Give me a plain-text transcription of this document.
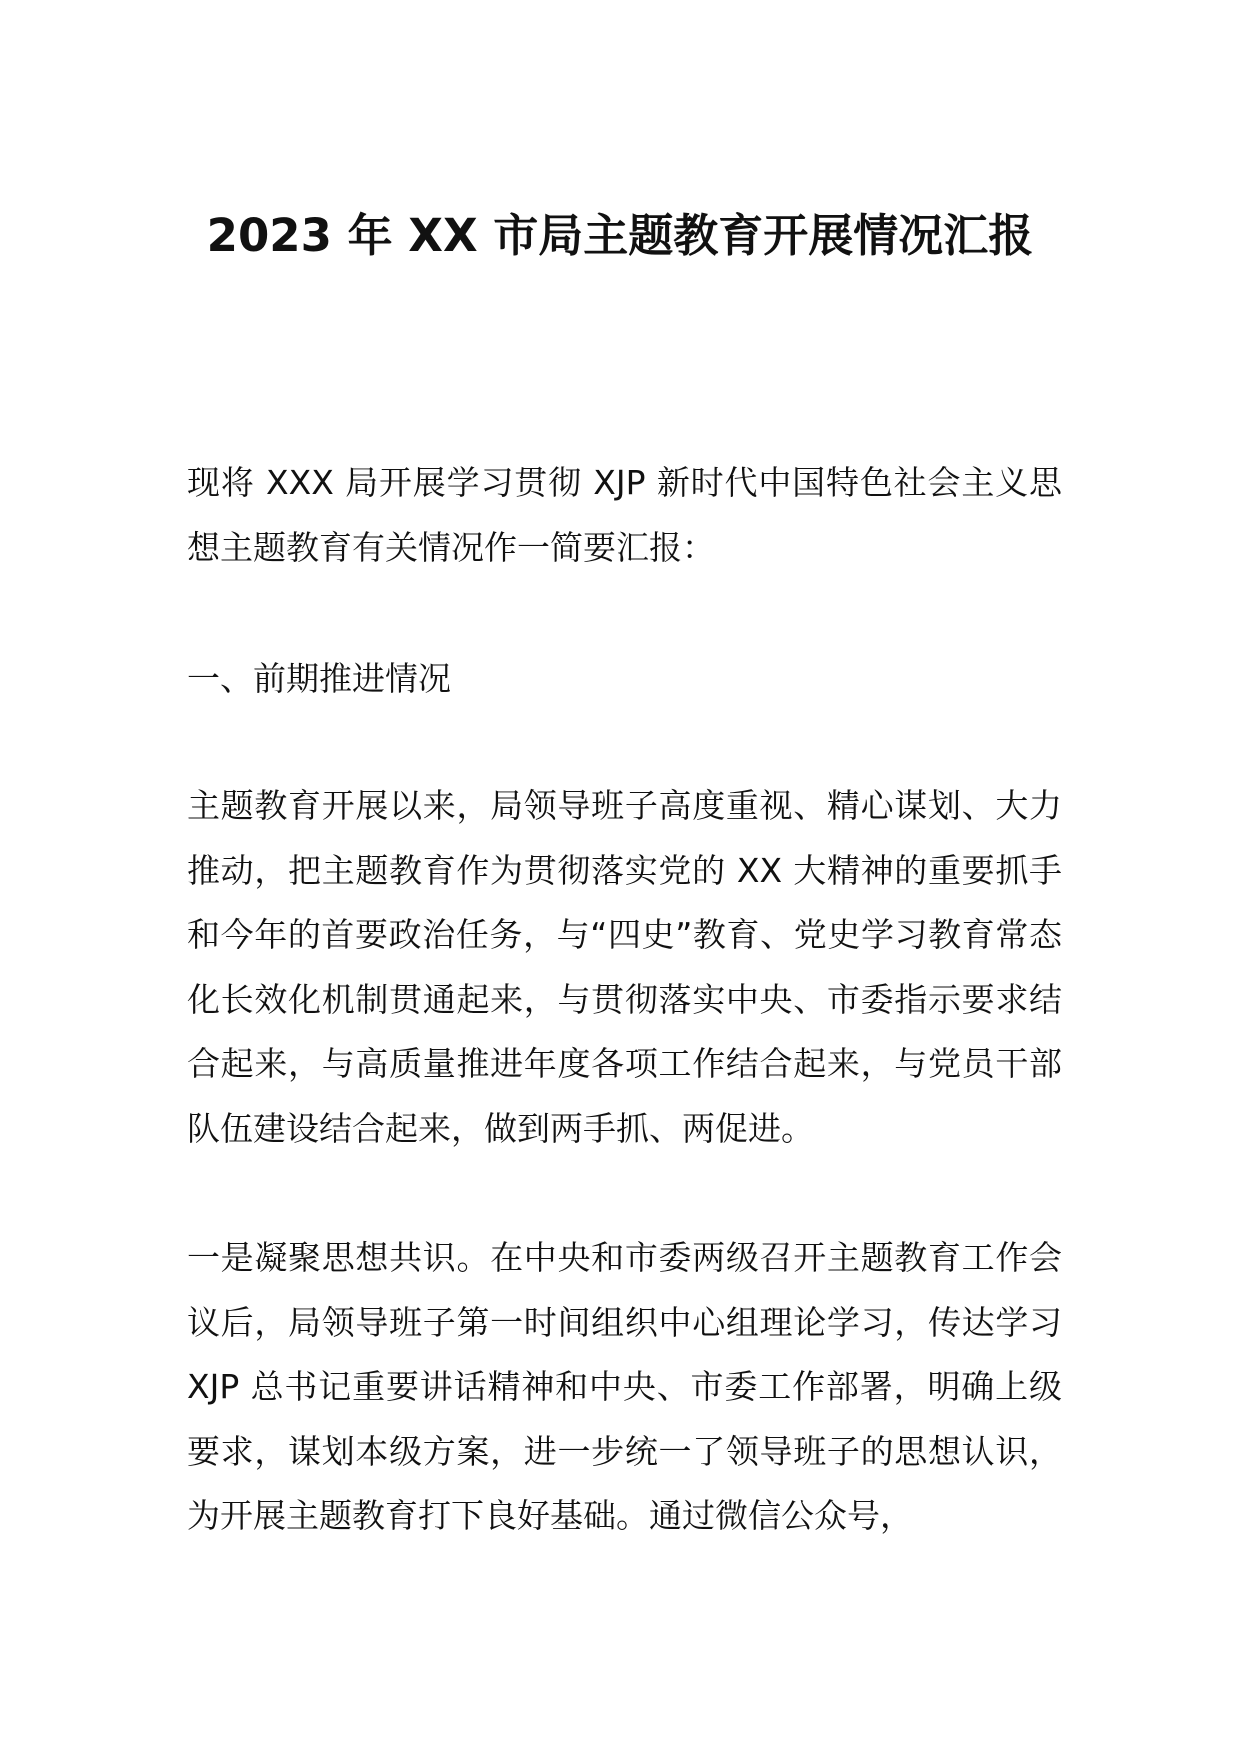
2023 年 XX 市局主题教育开展情况汇报

现将 XXX 局开展学习贯彻 XJP 新时代中国特色社会主义思想主题教育有关情况作一简要汇报：

一、前期推进情况

主题教育开展以来，局领导班子高度重视、精心谋划、大力推动，把主题教育作为贯彻落实党的 XX 大精神的重要抓手和今年的首要政治任务，与“四史”教育、党史学习教育常态化长效化机制贯通起来，与贯彻落实中央、市委指示要求结合起来，与高质量推进年度各项工作结合起来，与党员干部队伍建设结合起来，做到两手抓、两促进。

一是凝聚思想共识。在中央和市委两级召开主题教育工作会议后，局领导班子第一时间组织中心组理论学习，传达学习 XJP 总书记重要讲话精神和中央、市委工作部署，明确上级要求，谋划本级方案，进一步统一了领导班子的思想认识，为开展主题教育打下良好基础。通过微信公众号，
